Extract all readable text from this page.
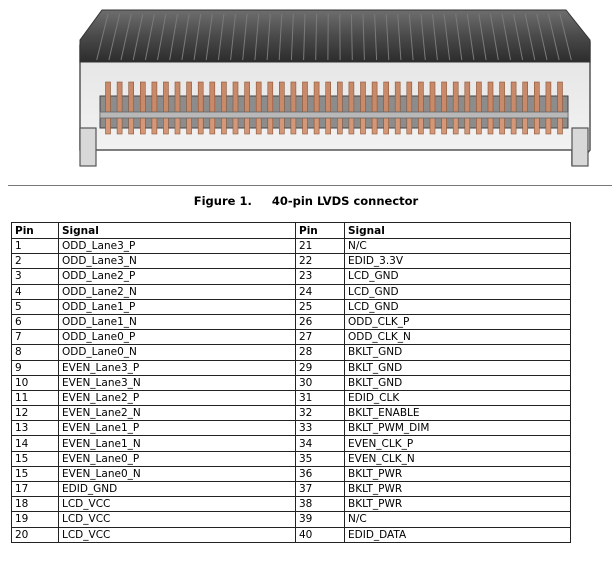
Figure 1. 40-pin LVDS connector
Pin	Signal	Pin	Signal
1	ODD_Lane3_P	21	N/C
2	ODD_Lane3_N	22	EDID_3.3V
3	ODD_Lane2_P	23	LCD_GND
4	ODD_Lane2_N	24	LCD_GND
5	ODD_Lane1_P	25	LCD_GND
6	ODD_Lane1_N	26	ODD_CLK_P
7	ODD_Lane0_P	27	ODD_CLK_N
8	ODD_Lane0_N	28	BKLT_GND
9	EVEN_Lane3_P	29	BKLT_GND
10	EVEN_Lane3_N	30	BKLT_GND
11	EVEN_Lane2_P	31	EDID_CLK
12	EVEN_Lane2_N	32	BKLT_ENABLE
13	EVEN_Lane1_P	33	BKLT_PWM_DIM
14	EVEN_Lane1_N	34	EVEN_CLK_P
15	EVEN_Lane0_P	35	EVEN_CLK_N
15	EVEN_Lane0_N	36	BKLT_PWR
17	EDID_GND	37	BKLT_PWR
18	LCD_VCC	38	BKLT_PWR
19	LCD_VCC	39	N/C
20	LCD_VCC	40	EDID_DATA
